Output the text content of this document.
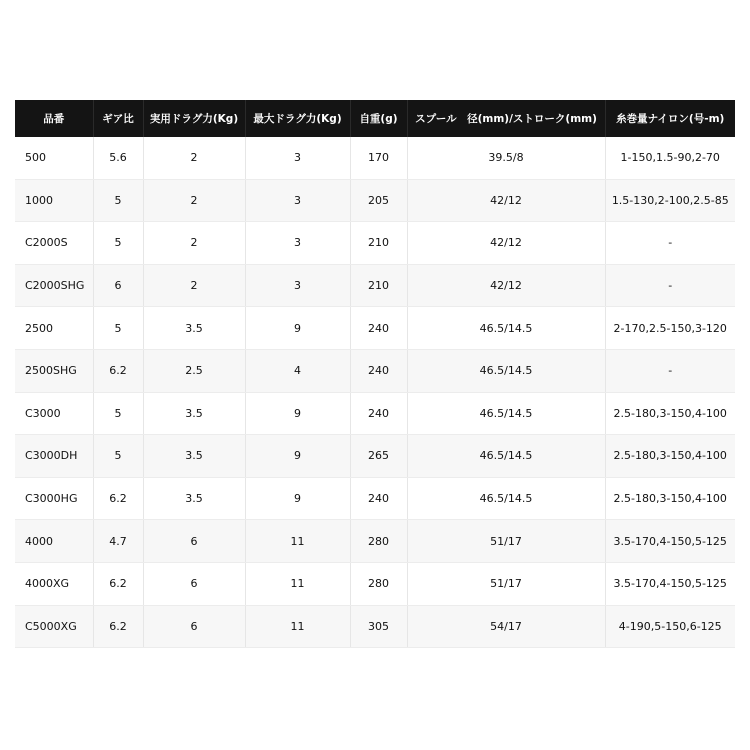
品番	ギア比	実用ドラグ力(Kg)	最大ドラグ力(Kg)	自重(g)	スプール　径(mm)/ストローク(mm)	糸巻量ナイロン(号-m)
500	5.6	2	3	170	39.5/8	1-150,1.5-90,2-70
1000	5	2	3	205	42/12	1.5-130,2-100,2.5-85
C2000S	5	2	3	210	42/12	-
C2000SHG	6	2	3	210	42/12	-
2500	5	3.5	9	240	46.5/14.5	2-170,2.5-150,3-120
2500SHG	6.2	2.5	4	240	46.5/14.5	-
C3000	5	3.5	9	240	46.5/14.5	2.5-180,3-150,4-100
C3000DH	5	3.5	9	265	46.5/14.5	2.5-180,3-150,4-100
C3000HG	6.2	3.5	9	240	46.5/14.5	2.5-180,3-150,4-100
4000	4.7	6	11	280	51/17	3.5-170,4-150,5-125
4000XG	6.2	6	11	280	51/17	3.5-170,4-150,5-125
C5000XG	6.2	6	11	305	54/17	4-190,5-150,6-125
